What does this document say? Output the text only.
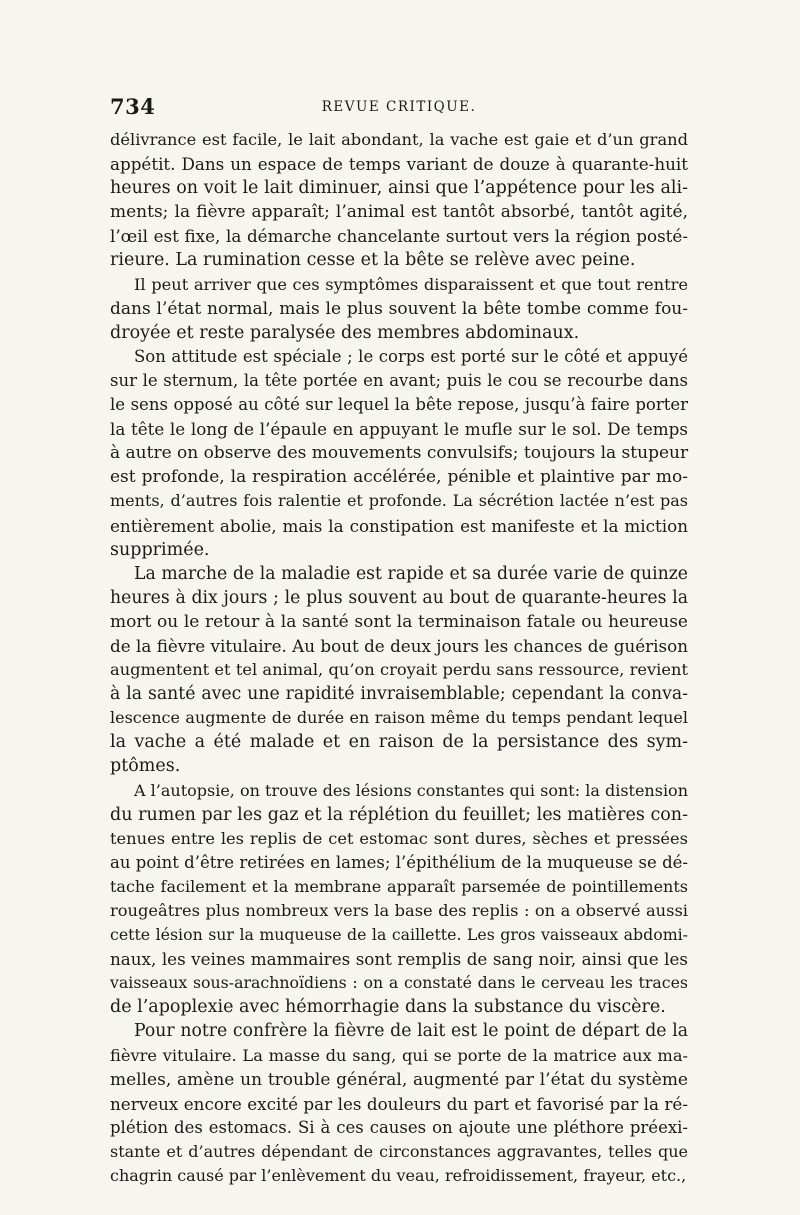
734	REVUE CRITIQUE.
délivrance est facile, le lait abondant, la vache est gaie et d’un grand
appétit. Dans un espace de temps variant de douze à quarante-huit
heures on voit le lait diminuer, ainsi que l’appétence pour les ali-
ments; la fièvre apparaît; l’animal est tantôt absorbé, tantôt agité,
l’œil est fixe, la démarche chancelante surtout vers la région posté-
rieure. La rumination cesse et la bête se relève avec peine.
Il peut arriver que ces symptômes disparaissent et que tout rentre
dans l’état normal, mais le plus souvent la bête tombe comme fou-
droyée et reste paralysée des membres abdominaux.
Son attitude est spéciale ; le corps est porté sur le côté et appuyé
sur le sternum, la tête portée en avant; puis le cou se recourbe dans
le sens opposé au côté sur lequel la bête repose, jusqu’à faire porter
la tête le long de l’épaule en appuyant le mufle sur le sol. De temps
à autre on observe des mouvements convulsifs; toujours la stupeur
est profonde, la respiration accélérée, pénible et plaintive par mo-
ments, d’autres fois ralentie et profonde. La sécrétion lactée n’est pas
entièrement abolie, mais la constipation est manifeste et la miction
supprimée.
La marche de la maladie est rapide et sa durée varie de quinze
heures à dix jours ; le plus souvent au bout de quarante-heures la
mort ou le retour à la santé sont la terminaison fatale ou heureuse
de la fièvre vitulaire. Au bout de deux jours les chances de guérison
augmentent et tel animal, qu’on croyait perdu sans ressource, revient
à la santé avec une rapidité invraisemblable; cependant la conva-
lescence augmente de durée en raison même du temps pendant lequel
la vache a été malade et en raison de la persistance des sym-
ptômes.
A l’autopsie, on trouve des lésions constantes qui sont: la distension
du rumen par les gaz et la réplétion du feuillet; les matières con-
tenues entre les replis de cet estomac sont dures, sèches et pressées
au point d’être retirées en lames; l’épithélium de la muqueuse se dé-
tache facilement et la membrane apparaît parsemée de pointillements
rougeâtres plus nombreux vers la base des replis : on a observé aussi
cette lésion sur la muqueuse de la caillette. Les gros vaisseaux abdomi-
naux, les veines mammaires sont remplis de sang noir, ainsi que les
vaisseaux sous-arachnoïdiens : on a constaté dans le cerveau les traces
de l’apoplexie avec hémorrhagie dans la substance du viscère.
Pour notre confrère la fièvre de lait est le point de départ de la
fièvre vitulaire. La masse du sang, qui se porte de la matrice aux ma-
melles, amène un trouble général, augmenté par l’état du système
nerveux encore excité par les douleurs du part et favorisé par la ré-
plétion des estomacs. Si à ces causes on ajoute une pléthore préexi-
stante et d’autres dépendant de circonstances aggravantes, telles que
chagrin causé par l’enlèvement du veau, refroidissement, frayeur, etc.,
